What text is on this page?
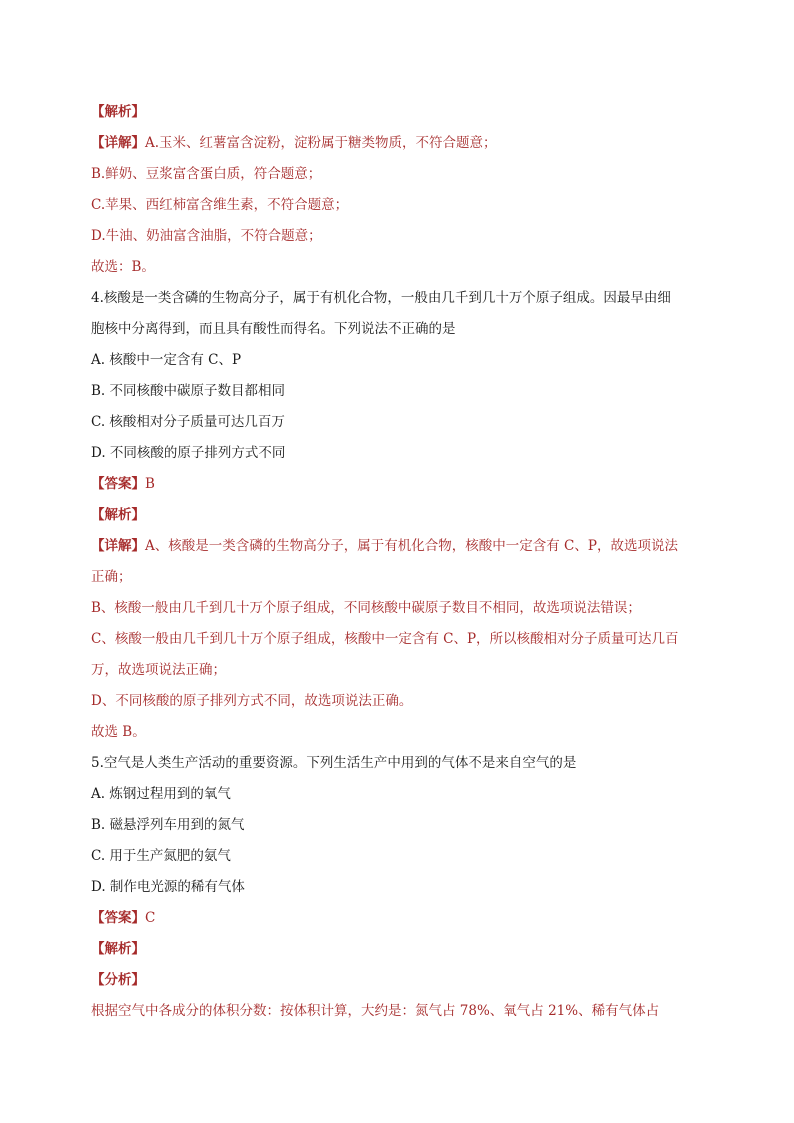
【解析】
【详解】A.玉米、红薯富含淀粉，淀粉属于糖类物质，不符合题意；
B.鲜奶、豆浆富含蛋白质，符合题意；
C.苹果、西红柿富含维生素，不符合题意；
D.牛油、奶油富含油脂，不符合题意；
故选：B。
4.核酸是一类含磷的生物高分子，属于有机化合物，一般由几千到几十万个原子组成。因最早由细
胞核中分离得到，而且具有酸性而得名。下列说法不正确的是
A. 核酸中一定含有 C、P
B. 不同核酸中碳原子数目都相同
C. 核酸相对分子质量可达几百万
D. 不同核酸的原子排列方式不同
【答案】B
【解析】
【详解】A、核酸是一类含磷的生物高分子，属于有机化合物，核酸中一定含有 C、P，故选项说法
正确；
B、核酸一般由几千到几十万个原子组成，不同核酸中碳原子数目不相同，故选项说法错误；
C、核酸一般由几千到几十万个原子组成，核酸中一定含有 C、P，所以核酸相对分子质量可达几百
万，故选项说法正确；
D、不同核酸的原子排列方式不同，故选项说法正确。
故选 B。
5.空气是人类生产活动的重要资源。下列生活生产中用到的气体不是来自空气的是
A. 炼钢过程用到的氧气
B. 磁悬浮列车用到的氮气
C. 用于生产氮肥的氨气
D. 制作电光源的稀有气体
【答案】C
【解析】
【分析】
根据空气中各成分的体积分数：按体积计算，大约是：氮气占 78%、氧气占 21%、稀有气体占
